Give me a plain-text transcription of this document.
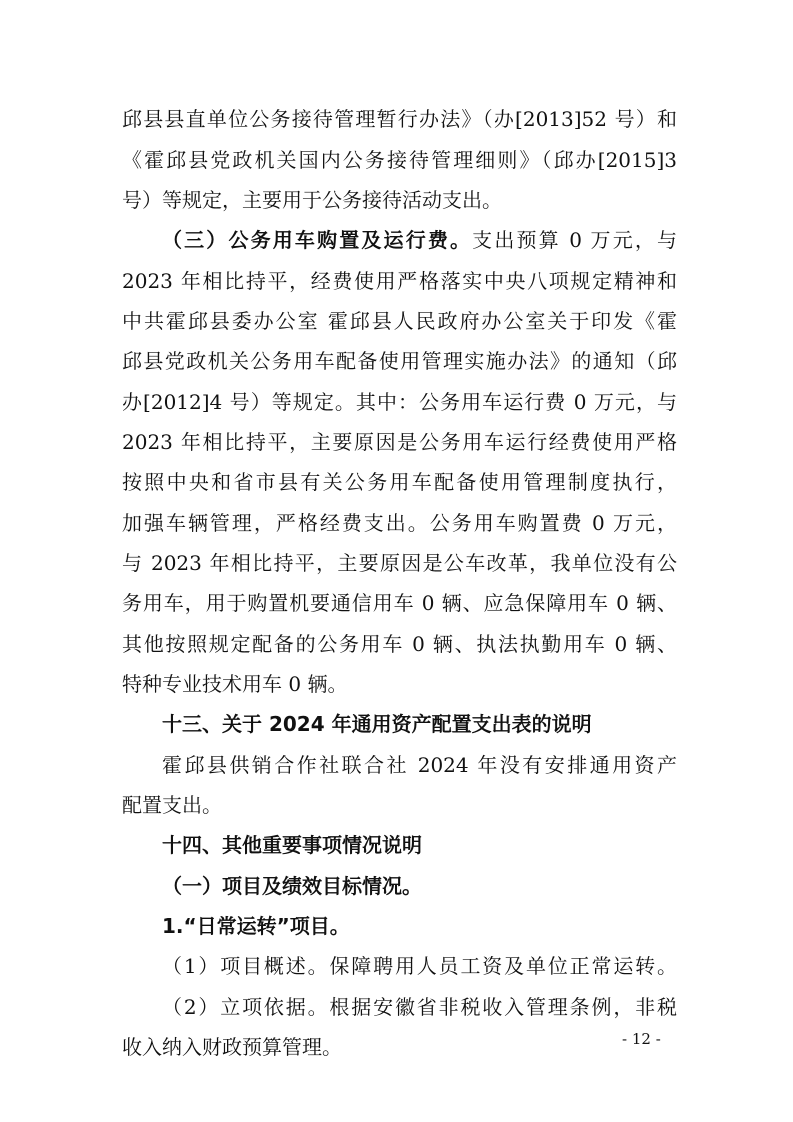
邱县县直单位公务接待管理暂行办法》（办[2013]52 号）和
《霍邱县党政机关国内公务接待管理细则》（邱办[2015]3
号）等规定，主要用于公务接待活动支出。
（三）公务用车购置及运行费。支出预算 0 万元，与
2023 年相比持平，经费使用严格落实中央八项规定精神和
中共霍邱县委办公室 霍邱县人民政府办公室关于印发《霍
邱县党政机关公务用车配备使用管理实施办法》的通知（邱
办[2012]4 号）等规定。其中：公务用车运行费 0 万元，与
2023 年相比持平，主要原因是公务用车运行经费使用严格
按照中央和省市县有关公务用车配备使用管理制度执行，
加强车辆管理，严格经费支出。公务用车购置费 0 万元，
与 2023 年相比持平，主要原因是公车改革，我单位没有公
务用车，用于购置机要通信用车 0 辆、应急保障用车 0 辆、
其他按照规定配备的公务用车 0 辆、执法执勤用车 0 辆、
特种专业技术用车 0 辆。
十三、关于 2024 年通用资产配置支出表的说明
霍邱县供销合作社联合社 2024 年没有安排通用资产
配置支出。
十四、其他重要事项情况说明
（一）项目及绩效目标情况。
1.“日常运转”项目。
（1）项目概述。保障聘用人员工资及单位正常运转。
（2）立项依据。根据安徽省非税收入管理条例，非税
收入纳入财政预算管理。	- 12 -
